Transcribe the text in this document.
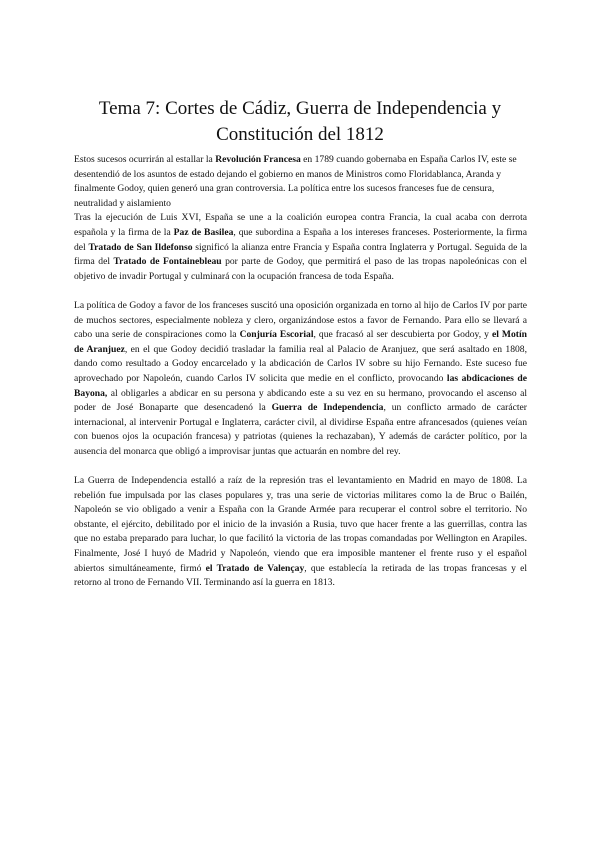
Tema 7: Cortes de Cádiz, Guerra de Independencia y
Constitución del 1812

Estos sucesos ocurrirán al estallar la Revolución Francesa en 1789 cuando gobernaba en España Carlos IV, este se desentendió de los asuntos de estado dejando el gobierno en manos de Ministros como Floridablanca, Aranda y finalmente Godoy, quien generó una gran controversia. La política entre los sucesos franceses fue de censura, neutralidad y aislamiento

Tras la ejecución de Luis XVI, España se une a la coalición europea contra Francia, la cual acaba con derrota española y la firma de la Paz de Basilea, que subordina a España a los intereses franceses. Posteriormente, la firma del Tratado de San Ildefonso significó la alianza entre Francia y España contra Inglaterra y Portugal. Seguida de la firma del Tratado de Fontainebleau por parte de Godoy, que permitirá el paso de las tropas napoleónicas con el objetivo de invadir Portugal y culminará con la ocupación francesa de toda España.

La política de Godoy a favor de los franceses suscitó una oposición organizada en torno al hijo de Carlos IV por parte de muchos sectores, especialmente nobleza y clero, organizándose estos a favor de Fernando. Para ello se llevará a cabo una serie de conspiraciones como la Conjuría Escorial, que fracasó al ser descubierta por Godoy, y el Motín de Aranjuez, en el que Godoy decidió trasladar la familia real al Palacio de Aranjuez, que será asaltado en 1808, dando como resultado a Godoy encarcelado y la abdicación de Carlos IV sobre su hijo Fernando. Este suceso fue aprovechado por Napoleón, cuando Carlos IV solicita que medie en el conflicto, provocando las abdicaciones de Bayona, al obligarles a abdicar en su persona y abdicando este a su vez en su hermano, provocando el ascenso al poder de José Bonaparte que desencadenó la Guerra de Independencia, un conflicto armado de carácter internacional, al intervenir Portugal e Inglaterra, carácter civil, al dividirse España entre afrancesados (quienes veían con buenos ojos la ocupación francesa) y patriotas (quienes la rechazaban), Y además de carácter político, por la ausencia del monarca que obligó a improvisar juntas que actuarán en nombre del rey.

La Guerra de Independencia estalló a raíz de la represión tras el levantamiento en Madrid en mayo de 1808. La rebelión fue impulsada por las clases populares y, tras una serie de victorias militares como la de Bruc o Bailén, Napoleón se vio obligado a venir a España con la Grande Armée para recuperar el control sobre el territorio. No obstante, el ejército, debilitado por el inicio de la invasión a Rusia, tuvo que hacer frente a las guerrillas, contra las que no estaba preparado para luchar, lo que facilitó la victoria de las tropas comandadas por Wellington en Arapiles. Finalmente, José I huyó de Madrid y Napoleón, viendo que era imposible mantener el frente ruso y el español abiertos simultáneamente, firmó el Tratado de Valençay, que establecía la retirada de las tropas francesas y el retorno al trono de Fernando VII. Terminando así la guerra en 1813.
